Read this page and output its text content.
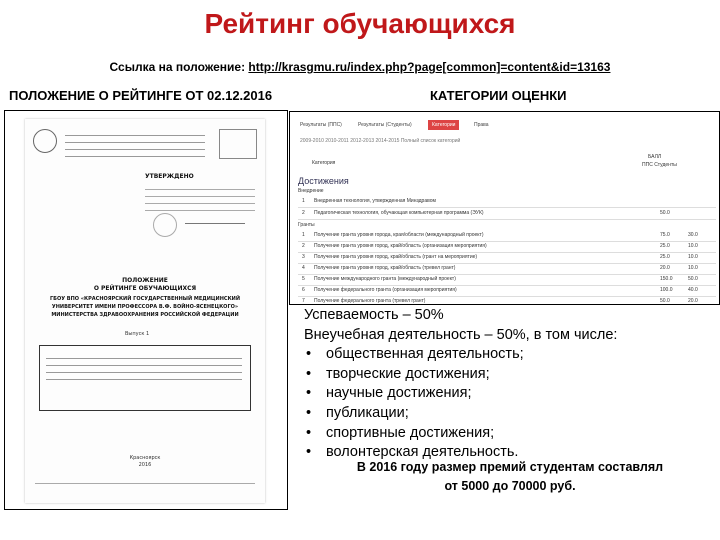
Рейтинг обучающихся
Ссылка на положение: http://krasgmu.ru/index.php?page[common]=content&id=13163
ПОЛОЖЕНИЕ О РЕЙТИНГЕ ОТ 02.12.2016	КАТЕГОРИИ ОЦЕНКИ
УТВЕРЖДЕНО
ПОЛОЖЕНИЕ
О РЕЙТИНГЕ ОБУЧАЮЩИХСЯ
ГБОУ ВПО «КРАСНОЯРСКИЙ ГОСУДАРСТВЕННЫЙ МЕДИЦИНСКИЙ
УНИВЕРСИТЕТ ИМЕНИ ПРОФЕССОРА В.Ф. ВОЙНО-ЯСЕНЕЦКОГО»
МИНИСТЕРСТВА ЗДРАВООХРАНЕНИЯ РОССИЙСКОЙ ФЕДЕРАЦИИ
Выпуск 1
Красноярск
2016
Результаты (ППС)	Результаты (Студенты)	Категории	Права
2009-2010 2010-2011 2012-2013 2014-2015 Полный список категорий
Категория
БАЛЛ
ППС Студенты
Достижения
Внедрение
Гранты
1 Внедренная технология, утвержденная Минздравом
2 Педагогическая технология, обучающая компьютерная программа (ЭУК)	50.0
1 Получение гранта уровня города, края/области (международный проект)	75.0	30.0
2 Получение гранта уровня город, край/область (организация мероприятия)	25.0	10.0
3 Получение гранта уровня город, край/область (грант на мероприятие)	25.0	10.0
4 Получение гранта уровня город, край/область (тревел грант)	20.0	10.0
5 Получение международного гранта (международный проект)	150.0	50.0
6 Получение федерального гранта (организация мероприятия)	100.0	40.0
7 Получение федерального гранта (тревел грант)	50.0	20.0
Успеваемость – 50%
Внеучебная деятельность – 50%, в том числе:
• общественная деятельность;
• творческие достижения;
• научные достижения;
• публикации;
• спортивные достижения;
• волонтерская деятельность.
В 2016 году размер премий студентам составлял
от 5000 до 70000 руб.
